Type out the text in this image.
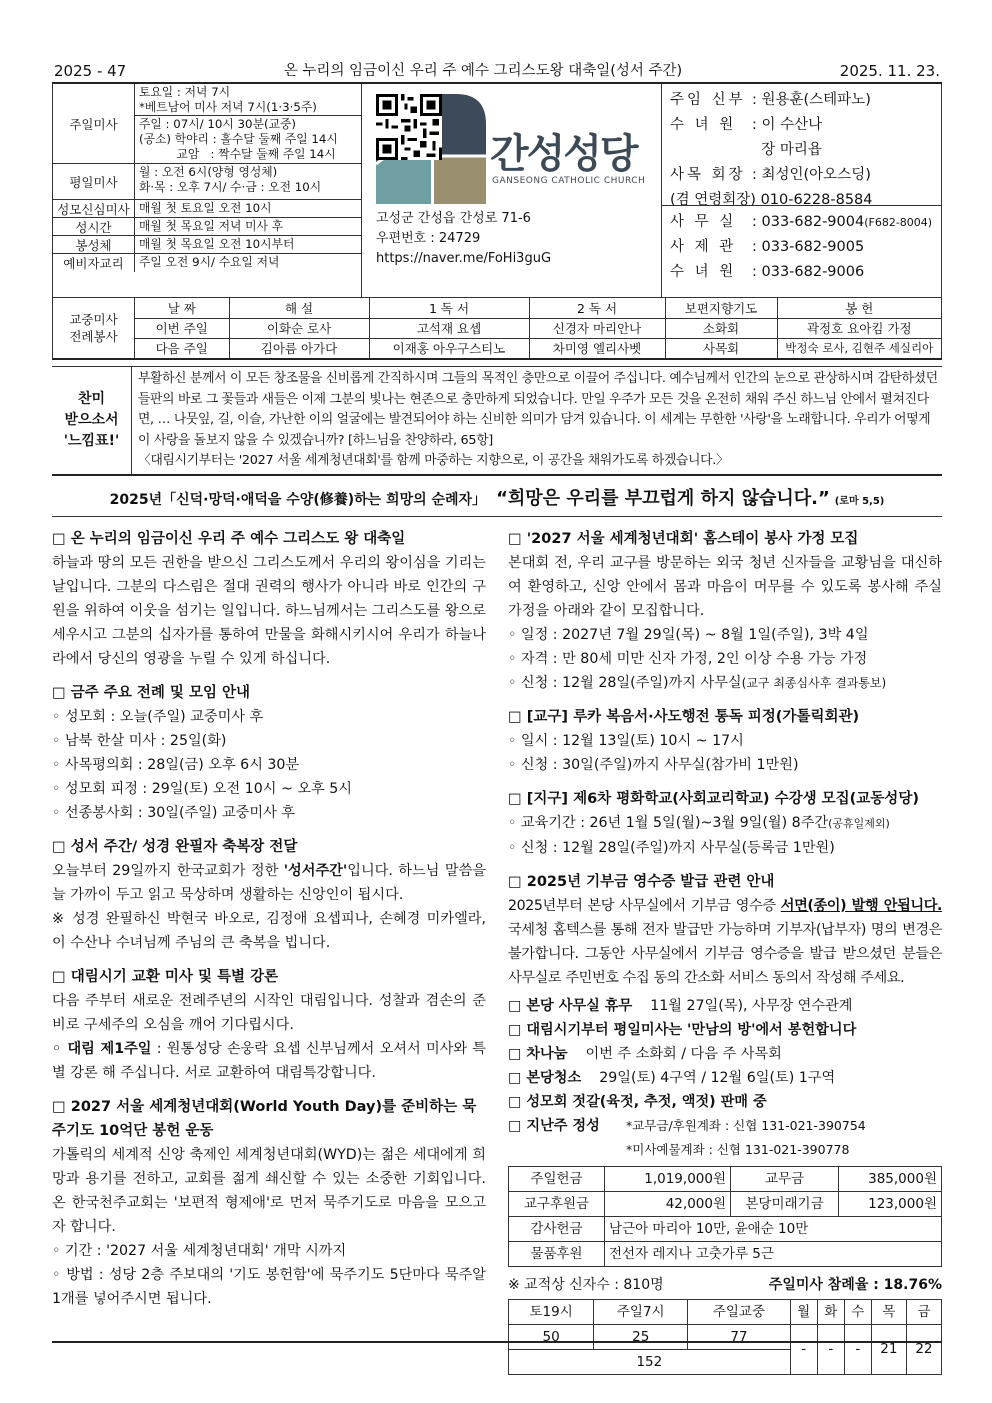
2025 - 47	온 누리의 임금이신 우리 주 예수 그리스도왕 대축일(성서 주간)	2025. 11. 23.
주일미사
토요일 : 저녁 7시
*베트남어 미사 저녁 7시(1·3·5주)
주일 : 07시/ 10시 30분(교중)
(공소) 학야리 : 홀수달 둘째 주일 14시
교암   : 짝수달 둘째 주일 14시
평일미사
월 : 오전 6시(양형 영성체)
화·목 : 오후 7시/ 수·금 : 오전 10시
성모신심미사 매월 첫 토요일 오전 10시
성시간	매월 첫 목요일 저녁 미사 후
봉성체	매월 첫 목요일 오전 10시부터
예비자교리	주일 오전 9시/ 수요일 저녁
간성성당
GANSEONG CATHOLIC CHURCH
고성군 간성읍 간성로 71-6
우편번호 : 24729
https://naver.me/FoHi3guG
주임 신부 : 원용훈(스테파노)
수 녀 원	: 이 수산나
장 마리욥
사목 회장 : 최성인(아오스딩)
(겸 연령회장) 010-6228-8584
사 무 실	: 033-682-9004 (F682-8004)
사 제 관	: 033-682-9005
수 녀 원	: 033-682-9006
교중미사
전례봉사
날 짜	해 설	1 독 서	2 독 서	보편지향기도	봉 헌
이번 주일	이화순 로사	고석재 요셉	신경자 마리안나	소화회	곽정호 요아킴 가정
다음 주일	김아름 아가다	이재홍 아우구스티노	차미영 엘리사벳	사목회	박정숙 로사, 김현주 세실리아
찬미
받으소서
'느낌표!'
부활하신 분께서 이 모든 창조물을 신비롭게 간직하시며 그들의 목적인 충만으로 이끌어 주십니다. 예수님께서 인간의 눈으로 관상하시며 감탄하셨던 들판의 바로 그 꽃들과 새들은 이제 그분의 빛나는 현존으로 충만하게 되었습니다. 만일 우주가 모든 것을 온전히 채워 주신 하느님 안에서 펼쳐진다면, … 나뭇잎, 길, 이슬, 가난한 이의 얼굴에는 발견되어야 하는 신비한 의미가 담겨 있습니다. 이 세계는 무한한 '사랑'을 노래합니다. 우리가 어떻게 이 사랑을 돌보지 않을 수 있겠습니까? [하느님을 찬양하라, 65항]
〈대림시기부터는 '2027 서울 세계청년대회'를 함께 마중하는 지향으로, 이 공간을 채워가도록 하겠습니다.〉
2025년「신덕·망덕·애덕을 수양(修養)하는 희망의 순례자」 “희망은 우리를 부끄럽게 하지 않습니다.” (로마 5,5)
□ 온 누리의 임금이신 우리 주 예수 그리스도 왕 대축일
하늘과 땅의 모든 권한을 받으신 그리스도께서 우리의 왕이심을 기리는 날입니다. 그분의 다스림은 절대 권력의 행사가 아니라 바로 인간의 구원을 위하여 이웃을 섬기는 일입니다. 하느님께서는 그리스도를 왕으로 세우시고 그분의 십자가를 통하여 만물을 화해시키시어 우리가 하늘나라에서 당신의 영광을 누릴 수 있게 하십니다.
□ 금주 주요 전례 및 모임 안내
◦ 성모회 : 오늘(주일) 교중미사 후
◦ 남북 한살 미사 : 25일(화)
◦ 사목평의회 : 28일(금) 오후 6시 30분
◦ 성모회 피정 : 29일(토) 오전 10시 ~ 오후 5시
◦ 선종봉사회 : 30일(주일) 교중미사 후
□ 성서 주간/ 성경 완필자 축복장 전달
오늘부터 29일까지 한국교회가 정한 '성서주간'입니다. 하느님 말씀을 늘 가까이 두고 읽고 묵상하며 생활하는 신앙인이 됩시다.
※ 성경 완필하신 박현국 바오로, 김정애 요셉피나, 손혜경 미카엘라, 이 수산나 수녀님께 주님의 큰 축복을 빕니다.
□ 대림시기 교환 미사 및 특별 강론
다음 주부터 새로운 전례주년의 시작인 대림입니다. 성찰과 겸손의 준비로 구세주의 오심을 깨어 기다립시다.
◦ 대림 제1주일 : 원통성당 손웅락 요셉 신부님께서 오셔서 미사와 특별 강론 해 주십니다. 서로 교환하여 대림특강합니다.
□ 2027 서울 세계청년대회(World Youth Day)를 준비하는 묵주기도 10억단 봉헌 운동
가톨릭의 세계적 신앙 축제인 세계청년대회(WYD)는 젊은 세대에게 희망과 용기를 전하고, 교회를 젊게 쇄신할 수 있는 소중한 기회입니다. 온 한국천주교회는 '보편적 형제애'로 먼저 묵주기도로 마음을 모으고자 합니다.
◦ 기간 : '2027 서울 세계청년대회' 개막 시까지
◦ 방법 : 성당 2층 주보대의 '기도 봉헌함'에 묵주기도 5단마다 묵주알 1개를 넣어주시면 됩니다.
□ '2027 서울 세계청년대회' 홈스테이 봉사 가정 모집
본대회 전, 우리 교구를 방문하는 외국 청년 신자들을 교황님을 대신하여 환영하고, 신앙 안에서 몸과 마음이 머무를 수 있도록 봉사해 주실 가정을 아래와 같이 모집합니다.
◦ 일정 : 2027년 7월 29일(목) ~ 8월 1일(주일), 3박 4일
◦ 자격 : 만 80세 미만 신자 가정, 2인 이상 수용 가능 가정
◦ 신청 : 12월 28일(주일)까지 사무실(교구 최종심사후 결과통보)
□ [교구] 루카 복음서·사도행전 통독 피정(가톨릭회관)
◦ 일시 : 12월 13일(토) 10시 ~ 17시
◦ 신청 : 30일(주일)까지 사무실(참가비 1만원)
□ [지구] 제6차 평화학교(사회교리학교) 수강생 모집(교동성당)
◦ 교육기간 : 26년 1월 5일(월)~3월 9일(월) 8주간(공휴일제외)
◦ 신청 : 12월 28일(주일)까지 사무실(등록금 1만원)
□ 2025년 기부금 영수증 발급 관련 안내
2025년부터 본당 사무실에서 기부금 영수증 서면(종이) 발행 안됩니다. 국세청 홈텍스를 통해 전자 발급만 가능하며 기부자(납부자) 명의 변경은 불가합니다. 그동안 사무실에서 기부금 영수증을 발급 받으셨던 분들은 사무실로 주민번호 수집 동의 간소화 서비스 동의서 작성해 주세요.
□ 본당 사무실 휴무    11월 27일(목), 사무장 연수관계
□ 대림시기부터 평일미사는 '만남의 방'에서 봉헌합니다
□ 차나눔    이번 주 소화회 / 다음 주 사목회
□ 본당청소    29일(토) 4구역 / 12월 6일(토) 1구역
□ 성모회 젓갈(육젓, 추젓, 액젓) 판매 중
□ 지난주 정성	*교무금/후원계좌 : 신협 131-021-390754
*미사예물계좌 : 신협 131-021-390778
주일헌금	1,019,000원	교무금	385,000원
교구후원금	42,000원	본당미래기금	123,000원
감사헌금	남근아 마리아 10만, 윤애순 10만		
물품후원	전선자 레지나 고춧가루 5근		
※ 교적상 신자수 : 810명	주일미사 참례율 : 18.76%
토19시	주일7시	주일교중	월	화	수	목	금
50	25	77	-	-	-	21	22
152							
